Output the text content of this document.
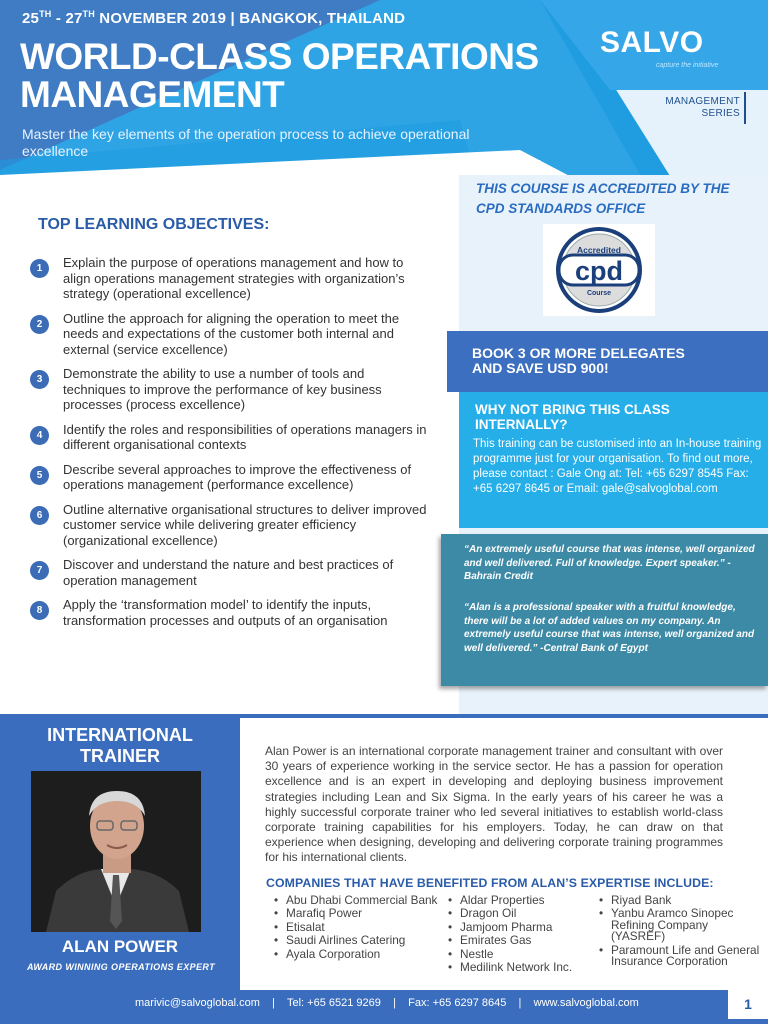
25TH - 27TH NOVEMBER 2019 | BANGKOK, THAILAND
WORLD-CLASS OPERATIONS
MANAGEMENT
Master the key elements of the operation process to achieve operational excellence
SALVO
capture the initiative
MANAGEMENT
SERIES
TOP LEARNING OBJECTIVES:
1	Explain the purpose of operations management and how to align operations management strategies with organization’s strategy (operational excellence)
2	Outline the approach for aligning the operation to meet the needs and expectations of the customer both internal and external (service excellence)
3	Demonstrate the ability to use a number of tools and techniques to improve the performance of key business processes (process excellence)
4	Identify the roles and responsibilities of operations managers in different organisational contexts
5	Describe several approaches to improve the effectiveness of operations management (performance excellence)
6	Outline alternative organisational structures to deliver improved customer service while delivering greater efficiency (organizational excellence)
7	Discover and understand the nature and best practices of operation management
8	Apply the ‘transformation model’ to identify the inputs, transformation processes and outputs of an organisation
THIS COURSE IS ACCREDITED BY THE CPD STANDARDS OFFICE
Accredited
cpd
Course
BOOK 3 OR MORE DELEGATES
AND SAVE USD 900!
WHY NOT BRING THIS CLASS INTERNALLY?
This training can be customised into an In-house training programme just for your organisation. To find out more, please contact : Gale Ong at: Tel: +65 6297 8545 Fax: +65 6297 8645 or Email: gale@salvoglobal.com
“An extremely useful course that was intense, well organized and well delivered. Full of knowledge. Expert speaker.” -Bahrain Credit
“Alan is a professional speaker with a fruitful knowledge, there will be a lot of added values on my company. An extremely useful course that was intense, well organized and well delivered.” -Central Bank of Egypt
INTERNATIONAL
TRAINER
ALAN POWER
AWARD WINNING OPERATIONS EXPERT
Alan Power is an international corporate management trainer and consultant with over 30 years of experience working in the service sector. He has a passion for operation excellence and is an expert in developing and deploying business improvement strategies including Lean and Six Sigma. In the early years of his career he was a highly successful corporate trainer who led several initiatives to establish world-class corporate training capabilities for his employers. Today, he can draw on that experience when designing, developing and delivering corporate training programmes for his international clients.
COMPANIES THAT HAVE BENEFITED FROM ALAN’S EXPERTISE INCLUDE:
• Abu Dhabi Commercial Bank
• Marafiq Power
• Etisalat
• Saudi Airlines Catering
• Ayala Corporation
• Aldar Properties
• Dragon Oil
• Jamjoom Pharma
• Emirates Gas
• Nestle
• Medilink Network Inc.
• Riyad Bank
• Yanbu Aramco Sinopec Refining Company (YASREF)
• Paramount Life and General Insurance Corporation
marivic@salvoglobal.com    |    Tel: +65 6521 9269    |    Fax: +65 6297 8645    |    www.salvoglobal.com	1
